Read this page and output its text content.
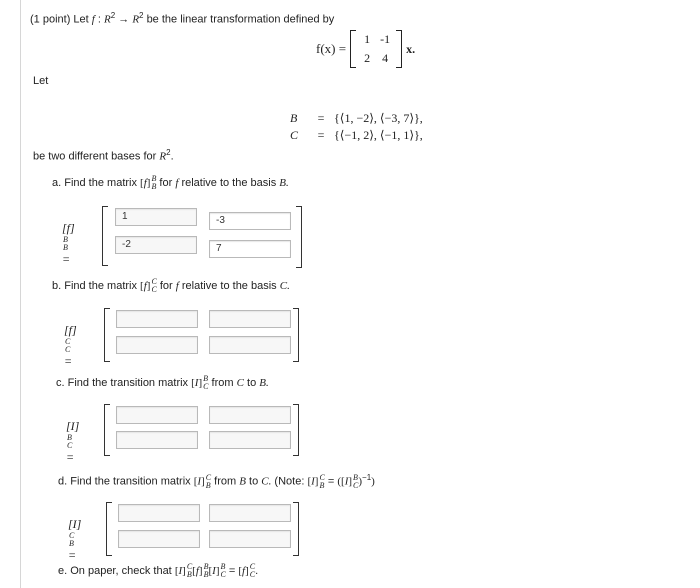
(1 point) Let f : $R^2 \to R^2$ be the linear transformation defined by
f(x) =
1 -1
2	4
x.
Let
B	= {⟨1, −2⟩, ⟨−3, 7⟩},
C	= {⟨−1, 2⟩, ⟨−1, 1⟩},
be two different bases for $R^2$.
a. Find the matrix [f] B
B for f relative to the basis B.
[f]
B
B
=
1	-3
-2	7
b. Find the matrix [f] C
C for f relative to the basis C.
[f]
C
C
=
c. Find the transition matrix [I] B
C from C to B.
[I]
B
C
=
d. Find the transition matrix [I] C
B from B to C. (Note: [I] C
B = ([I] B
C )$^{-1}$)
[I]
C
B
=
e. On paper, check that [I] C
B [f] B
B [I] B
C = [f] C
C .
